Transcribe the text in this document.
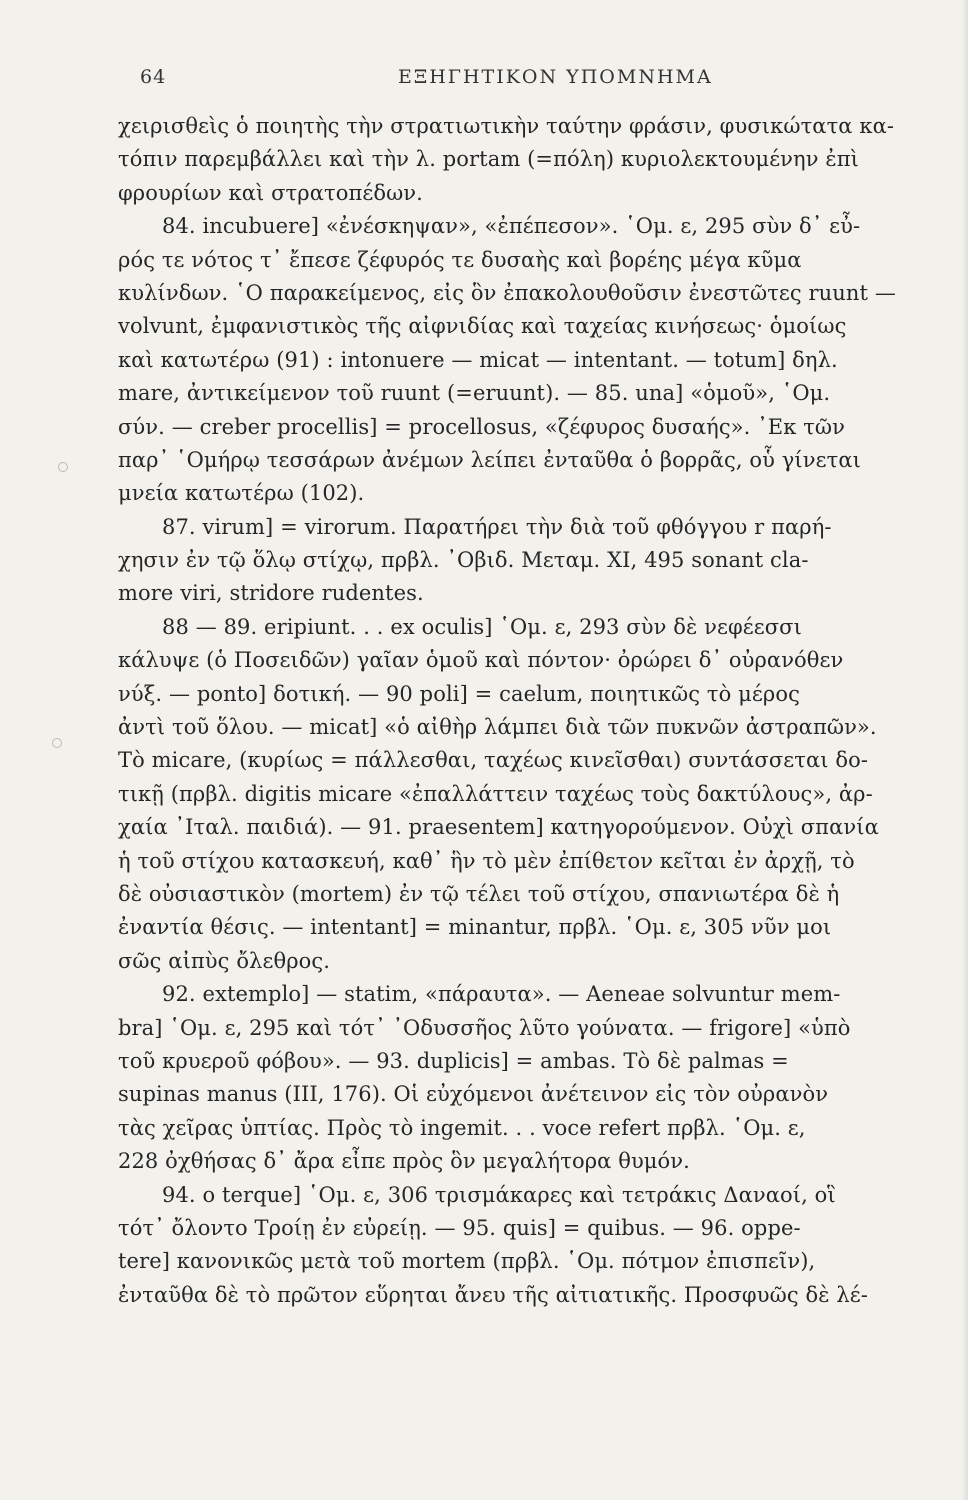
64	ΕΞΗΓΗΤΙΚΟΝ ΥΠΟΜΝΗΜΑ
χειρισθεὶς ὁ ποιητὴς τὴν στρατιωτικὴν ταύτην φράσιν, φυσικώτατα κα-
τόπιν παρεμβάλλει καὶ τὴν λ. portam (=πόλη) κυριολεκτουμένην ἐπὶ
φρουρίων καὶ στρατοπέδων.
84. incubuere] «ἐνέσκηψαν», «ἐπέπεσον». ῾Ομ. ε, 295 σὺν δ᾽ εὖ-
ρός τε νότος τ᾽ ἔπεσε ζέφυρός τε δυσαὴς καὶ βορέης μέγα κῦμα
κυλίνδων. ῾Ο παρακείμενος, εἰς ὃν ἐπακολουθοῦσιν ἐνεστῶτες ruunt —
volvunt, ἐμφανιστικὸς τῆς αἰφνιδίας καὶ ταχείας κινήσεως· ὁμοίως
καὶ κατωτέρω (91) : intonuere — micat — intentant. — totum] δηλ.
mare, ἀντικείμενον τοῦ ruunt (=eruunt). — 85. una] «ὁμοῦ», ῾Ομ.
σύν. — creber procellis] = procellosus, «ζέφυρος δυσαής». ᾿Εκ τῶν
παρ᾽ ῾Ομήρῳ τεσσάρων ἀνέμων λείπει ἐνταῦθα ὁ βορρᾶς, οὗ γίνεται
μνεία κατωτέρω (102).
87. virum] = virorum. Παρατήρει τὴν διὰ τοῦ φθόγγου r παρή-
χησιν ἐν τῷ ὅλῳ στίχῳ, πρβλ. ᾿Οβιδ. Μεταμ. XI, 495 sonant cla-
more viri, stridore rudentes.
88 — 89. eripiunt. . . ex oculis] ῾Ομ. ε, 293 σὺν δὲ νεφέεσσι
κάλυψε (ὁ Ποσειδῶν) γαῖαν ὁμοῦ καὶ πόντον· ὀρώρει δ᾽ οὐρανόθεν
νύξ. — ponto] δοτική. — 90 poli] = caelum, ποιητικῶς τὸ μέρος
ἀντὶ τοῦ ὅλου. — micat] «ὁ αἰθὴρ λάμπει διὰ τῶν πυκνῶν ἀστραπῶν».
Τὸ micare, (κυρίως = πάλλεσθαι, ταχέως κινεῖσθαι) συντάσσεται δο-
τικῇ (πρβλ. digitis micare «ἐπαλλάττειν ταχέως τοὺς δακτύλους», ἀρ-
χαία ᾿Ιταλ. παιδιά). — 91. praesentem] κατηγορούμενον. Οὐχὶ σπανία
ἡ τοῦ στίχου κατασκευή, καθ᾽ ἣν τὸ μὲν ἐπίθετον κεῖται ἐν ἀρχῇ, τὸ
δὲ οὐσιαστικὸν (mortem) ἐν τῷ τέλει τοῦ στίχου, σπανιωτέρα δὲ ἡ
ἐναντία θέσις. — intentant] = minantur, πρβλ. ῾Ομ. ε, 305 νῦν μοι
σῶς αἰπὺς ὄλεθρος.
92. extemplo] — statim, «πάραυτα». — Aeneae solvuntur mem-
bra] ῾Ομ. ε, 295 καὶ τότ᾽ ᾿Οδυσσῆος λῦτο γούνατα. — frigore] «ὑπὸ
τοῦ κρυεροῦ φόβου». — 93. duplicis] = ambas. Τὸ δὲ palmas =
supinas manus (III, 176). Οἱ εὐχόμενοι ἀνέτεινον εἰς τὸν οὐρανὸν
τὰς χεῖρας ὑπτίας. Πρὸς τὸ ingemit. . . voce refert πρβλ. ῾Ομ. ε,
228 ὀχθήσας δ᾽ ἄρα εἶπε πρὸς ὃν μεγαλήτορα θυμόν.
94. o terque] ῾Ομ. ε, 306 τρισμάκαρες καὶ τετράκις Δαναοί, οἳ
τότ᾽ ὄλοντο Τροίῃ ἐν εὐρείῃ. — 95. quis] = quibus. — 96. oppe-
tere] κανονικῶς μετὰ τοῦ mortem (πρβλ. ῾Ομ. πότμον ἐπισπεῖν),
ἐνταῦθα δὲ τὸ πρῶτον εὕρηται ἄνευ τῆς αἰτιατικῆς. Προσφυῶς δὲ λέ-
